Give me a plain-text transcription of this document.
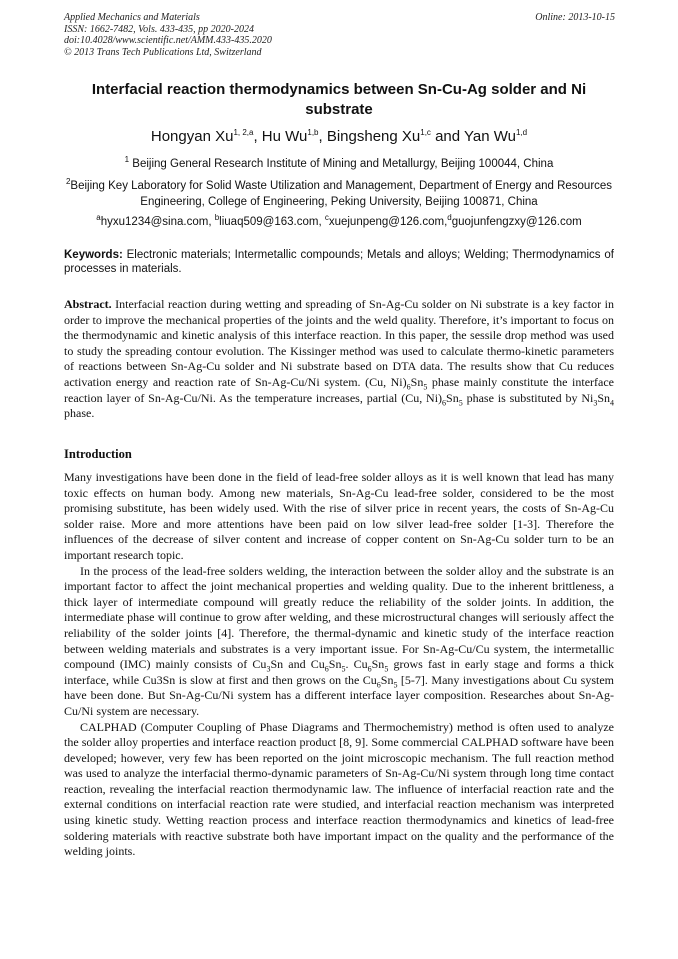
Applied Mechanics and Materials
ISSN: 1662-7482, Vols. 433-435, pp 2020-2024
doi:10.4028/www.scientific.net/AMM.433-435.2020
© 2013 Trans Tech Publications Ltd, Switzerland
Online: 2013-10-15
Interfacial reaction thermodynamics between Sn-Cu-Ag solder and Ni substrate
Hongyan Xu$^{1, 2,a}$, Hu Wu$^{1,b}$, Bingsheng Xu$^{1,c}$ and Yan Wu$^{1,d}$
$^1$ Beijing General Research Institute of Mining and Metallurgy, Beijing 100044, China
$^2$Beijing Key Laboratory for Solid Waste Utilization and Management, Department of Energy and Resources Engineering, College of Engineering, Peking University, Beijing 100871, China
$^a$hyxu1234@sina.com, $^b$liuaq509@163.com, $^c$xuejunpeng@126.com,$^d$guojunfengzxy@126.com
Keywords: Electronic materials; Intermetallic compounds; Metals and alloys; Welding; Thermodynamics of processes in materials.
Abstract. Interfacial reaction during wetting and spreading of Sn-Ag-Cu solder on Ni substrate is a key factor in order to improve the mechanical properties of the joints and the weld quality. Therefore, it’s important to focus on the thermodynamic and kinetic analysis of this interface reaction. In this paper, the sessile drop method was used to study the spreading contour evolution. The Kissinger method was used to calculate thermo-kinetic parameters of reactions between Sn-Ag-Cu solder and Ni substrate based on DTA data. The results show that Cu reduces activation energy and reaction rate of Sn-Ag-Cu/Ni system. (Cu, $Ni)_6Sn_5$ phase mainly constitute the interface reaction layer of Sn-Ag-Cu/Ni. As the temperature increases, partial (Cu, $Ni)_6Sn_5$ phase is substituted by $Ni_3Sn_4$ phase.
Introduction

Many investigations have been done in the field of lead-free solder alloys as it is well known that lead has many toxic effects on human body. Among new materials, Sn-Ag-Cu lead-free solder, considered to be the most promising substitute, has been widely used. With the rise of silver price in recent years, the costs of Sn-Ag-Cu solder raise. More and more attentions have been paid on low silver lead-free solder [1-3]. Therefore the influences of the decrease of silver content and increase of copper content on Sn-Ag-Cu solder turn to be an important research topic.

In the process of the lead-free solders welding, the interaction between the solder alloy and the substrate is an important factor to affect the joint mechanical properties and welding quality. Due to the inherent brittleness, a thick layer of intermediate compound will greatly reduce the reliability of the solder joints. In addition, the intermediate phase will continue to grow after welding, and these microstructural changes will seriously affect the reliability of the solder joints [4]. Therefore, the thermal-dynamic and kinetic study of the interface reaction between welding materials and substrates is a very important issue. For Sn-Ag-Cu/Cu system, the intermetallic compound (IMC) mainly consists of $Cu_3Sn$ and $Cu_6Sn_5$. $Cu_6Sn_5$ grows fast in early stage and forms a thick interface, while Cu3Sn is slow at first and then grows on the $Cu_6Sn_5$ [5-7]. Many investigations about Cu system have been done. But Sn-Ag-Cu/Ni system has a different interface layer composition. Researches about Sn-Ag-Cu/Ni system are necessary.

CALPHAD (Computer Coupling of Phase Diagrams and Thermochemistry) method is often used to analyze the solder alloy properties and interface reaction product [8, 9]. Some commercial CALPHAD software have been developed; however, very few has been reported on the joint microscopic mechanism. The full reaction method was used to analyze the interfacial thermo-dynamic parameters of Sn-Ag-Cu/Ni system through long time contact reaction, revealing the interfacial reaction thermodynamic law. The influence of interfacial reaction rate and the external conditions on interfacial reaction rate were studied, and interfacial reaction mechanism was interpreted using kinetic study. Wetting reaction process and interface reaction thermodynamics and kinetics of lead-free soldering materials with reactive substrate both have important impact on the quality and the performance of the welding joints.
